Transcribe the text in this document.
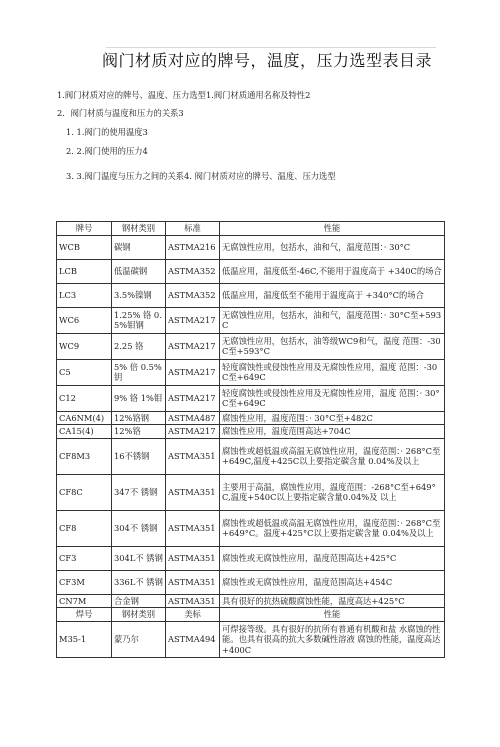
阀门材质对应的牌号，温度，压力选型表目录
1.阀门材质对应的牌号、温度、压力选型1.阀门材质通用名称及特性2
2．阀门材质与温度和压力的关系3
1. 1.阀门的使用温度3
2. 2.阀门使用的压力4
3. 3.阀门温度与压力之间的关系4. 阀门材质对应的牌号、温度、压力选型
牌号	钢材类别	标准	性能
WCB	碳钢	ASTMA216	无腐蚀性应用，包括水，油和气，温度范围：· 30°C
LCB	低温碳钢	ASTMA352	低温应用，温度低至-46C,不能用于温度高于 +340C的场合
LC3	3.5%镍钢	ASTMA352	低温应用，温度低至不能用于温度高于 +340°C的场合
WC6	1.25% 铬 0.5%钼钢	ASTMA217	无腐蚀性应用，包括水，油和气，温度范围：· 30°C至+593C
WC9	2.25 铬	ASTMA217	无腐蚀性应用，包括水，油等级WC9和气，温度 范围：-30C至+593°C
C5	5% 倍 0.5% 钥	ASTMA217	轻度腐蚀性或侵蚀性应用及无腐蚀性应用，温度 范围：-30C至+649C
C12	9% 铬 1%钼	ASTMA217	轻度腐蚀性或侵蚀性应用及无腐蚀性应用，温度 范围：· 30°C至+649C
CA6NM(4)	12%铬钢	ASTMA487	腐蚀性应用，温度范围：· 30°C至+482C
CA15(4)	12%铬	ASTMA217	腐蚀性应用，温度范围高达+704C
CF8M3	16不锈钢	ASTMA351	腐蚀性或超低温或高温无腐蚀性应用，温度范围：· 268°C至+649C,温度+425C以上要指定碳含量 0.04%及以上
CF8C	347不 锈钢	ASTMA351	主要用于高温，腐蚀性应用，温度范围：-268°C至+649°C,温度+540C以上要指定碳含量0.04%及 以上
CF8	304不 锈钢	ASTMA351	腐蚀性或超低温或高温无腐蚀性应用，温度范围：· 268°C至+649°C。温度+425°C以上要指定碳含量 0.04%及以上
CF3	304L不 锈钢	ASTMA351	腐蚀性或无腐蚀性应用，温度范围高达+425°C
CF3M	336L不 锈钢	ASTMA351	腐蚀性或无腐蚀性应用，温度范围高达+454C
CN7M	合金钢	ASTMA351	具有很好的抗热硫酸腐蚀性能，温度高达+425°C
焊号	钢材类别	美标	性能
M35-1	蒙乃尔	ASTMA494	可焊接等级。具有很好的抗所有普通有机酸和盐 水腐蚀的性能。也具有很高的抗大多数碱性溶液 腐蚀的性能，温度高达+400C
